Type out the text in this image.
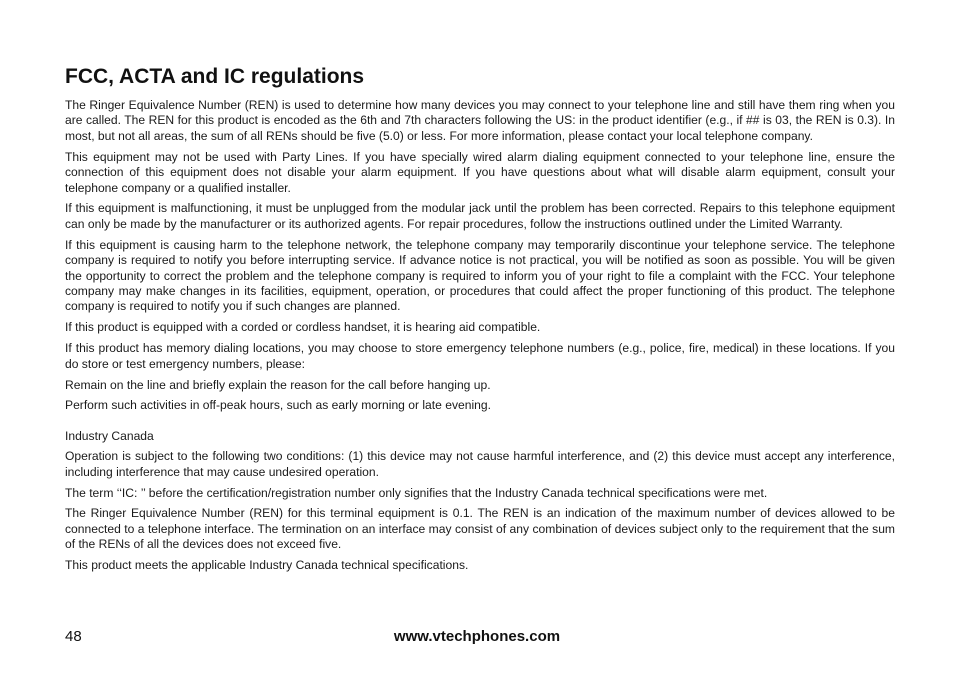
FCC, ACTA and IC regulations

The Ringer Equivalence Number (REN) is used to determine how many devices you may connect to your telephone line and still have them ring when you are called. The REN for this product is encoded as the 6th and 7th characters following the US: in the product identifier (e.g., if ## is 03, the REN is 0.3). In most, but not all areas, the sum of all RENs should be five (5.0) or less. For more information, please contact your local telephone company.

This equipment may not be used with Party Lines. If you have specially wired alarm dialing equipment connected to your telephone line, ensure the connection of this equipment does not disable your alarm equipment. If you have questions about what will disable alarm equipment, consult your telephone company or a qualified installer.

If this equipment is malfunctioning, it must be unplugged from the modular jack until the problem has been corrected. Repairs to this telephone equipment can only be made by the manufacturer or its authorized agents. For repair procedures, follow the instructions outlined under the Limited Warranty.

If this equipment is causing harm to the telephone network, the telephone company may temporarily discontinue your telephone service. The telephone company is required to notify you before interrupting service. If advance notice is not practical, you will be notified as soon as possible. You will be given the opportunity to correct the problem and the telephone company is required to inform you of your right to file a complaint with the FCC. Your telephone company may make changes in its facilities, equipment, operation, or procedures that could affect the proper functioning of this product. The telephone company is required to notify you if such changes are planned.

If this product is equipped with a corded or cordless handset, it is hearing aid compatible.

If this product has memory dialing locations, you may choose to store emergency telephone numbers (e.g., police, fire, medical) in these locations. If you do store or test emergency numbers, please:

Remain on the line and briefly explain the reason for the call before hanging up.

Perform such activities in off-peak hours, such as early morning or late evening.

Industry Canada

Operation is subject to the following two conditions: (1) this device may not cause harmful interference, and (2) this device must accept any interference, including interference that may cause undesired operation.

The term ‘‘IC: ’’ before the certification/registration number only signifies that the Industry Canada technical specifications were met.

The Ringer Equivalence Number (REN) for this terminal equipment is 0.1. The REN is an indication of the maximum number of devices allowed to be connected to a telephone interface. The termination on an interface may consist of any combination of devices subject only to the requirement that the sum of the RENs of all the devices does not exceed five.

This product meets the applicable Industry Canada technical specifications.

48	www.vtechphones.com
